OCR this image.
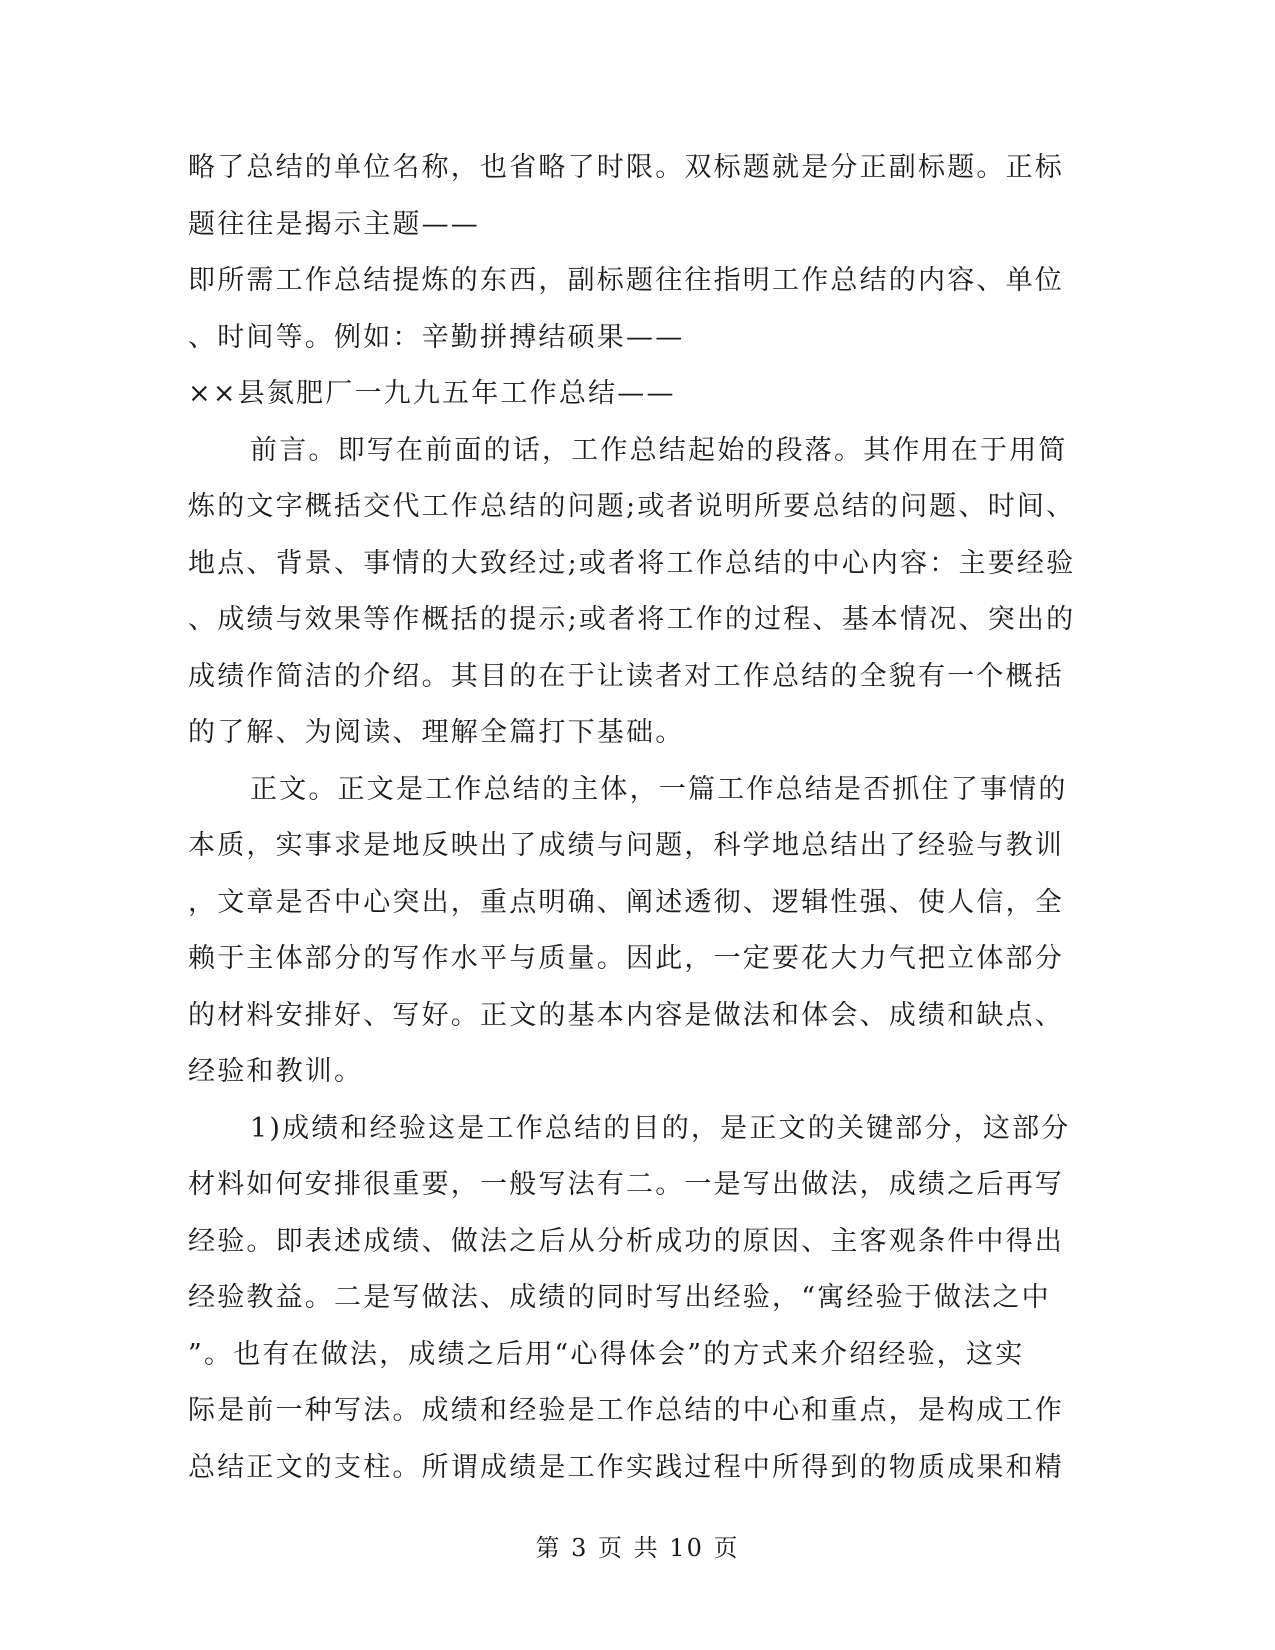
略了总结的单位名称，也省略了时限。双标题就是分正副标题。正标
题往往是揭示主题——
即所需工作总结提炼的东西，副标题往往指明工作总结的内容、单位
、时间等。例如：辛勤拼搏结硕果——
××县氮肥厂一九九五年工作总结——
前言。即写在前面的话，工作总结起始的段落。其作用在于用简
炼的文字概括交代工作总结的问题;或者说明所要总结的问题、时间、
地点、背景、事情的大致经过;或者将工作总结的中心内容：主要经验
、成绩与效果等作概括的提示;或者将工作的过程、基本情况、突出的
成绩作简洁的介绍。其目的在于让读者对工作总结的全貌有一个概括
的了解、为阅读、理解全篇打下基础。
正文。正文是工作总结的主体，一篇工作总结是否抓住了事情的
本质，实事求是地反映出了成绩与问题，科学地总结出了经验与教训
，文章是否中心突出，重点明确、阐述透彻、逻辑性强、使人信，全
赖于主体部分的写作水平与质量。因此，一定要花大力气把立体部分
的材料安排好、写好。正文的基本内容是做法和体会、成绩和缺点、
经验和教训。
1)成绩和经验这是工作总结的目的，是正文的关键部分，这部分
材料如何安排很重要，一般写法有二。一是写出做法，成绩之后再写
经验。即表述成绩、做法之后从分析成功的原因、主客观条件中得出
经验教益。二是写做法、成绩的同时写出经验，“寓经验于做法之中
”。也有在做法，成绩之后用“心得体会”的方式来介绍经验，这实
际是前一种写法。成绩和经验是工作总结的中心和重点，是构成工作
总结正文的支柱。所谓成绩是工作实践过程中所得到的物质成果和精
第 3 页 共 10 页
